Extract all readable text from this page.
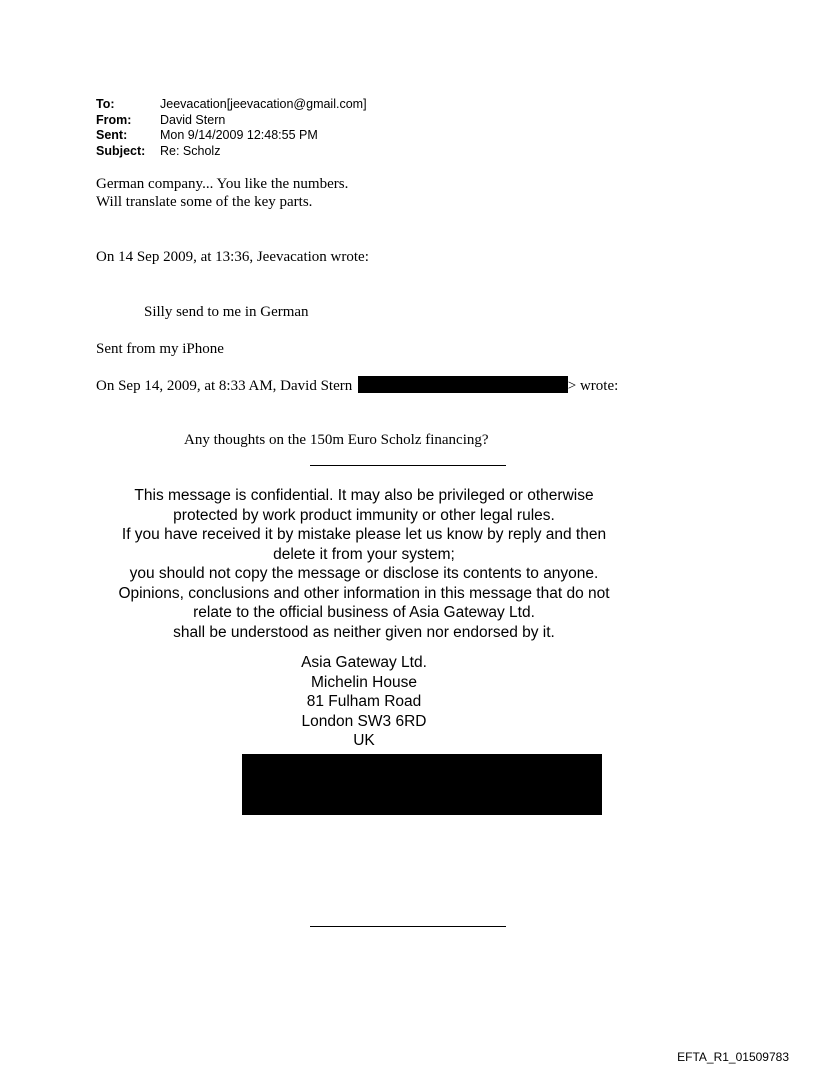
To:	Jeevacation[jeevacation@gmail.com]
From:	David Stern
Sent:	Mon 9/14/2009 12:48:55 PM
Subject:	Re: Scholz
German company... You like the numbers.
Will translate some of the key parts.
On 14 Sep 2009, at 13:36, Jeevacation wrote:
Silly send to me in German
Sent from my iPhone
On Sep 14, 2009, at 8:33 AM, David Stern	> wrote:
Any thoughts on the 150m Euro Scholz financing?
This message is confidential. It may also be privileged or otherwise
protected by work product immunity or other legal rules.
If you have received it by mistake please let us know by reply and then
delete it from your system;
you should not copy the message or disclose its contents to anyone.
Opinions, conclusions and other information in this message that do not
relate to the official business of Asia Gateway Ltd.
shall be understood as neither given nor endorsed by it.
Asia Gateway Ltd.
Michelin House
81 Fulham Road
London SW3 6RD
UK
EFTA_R1_01509783
